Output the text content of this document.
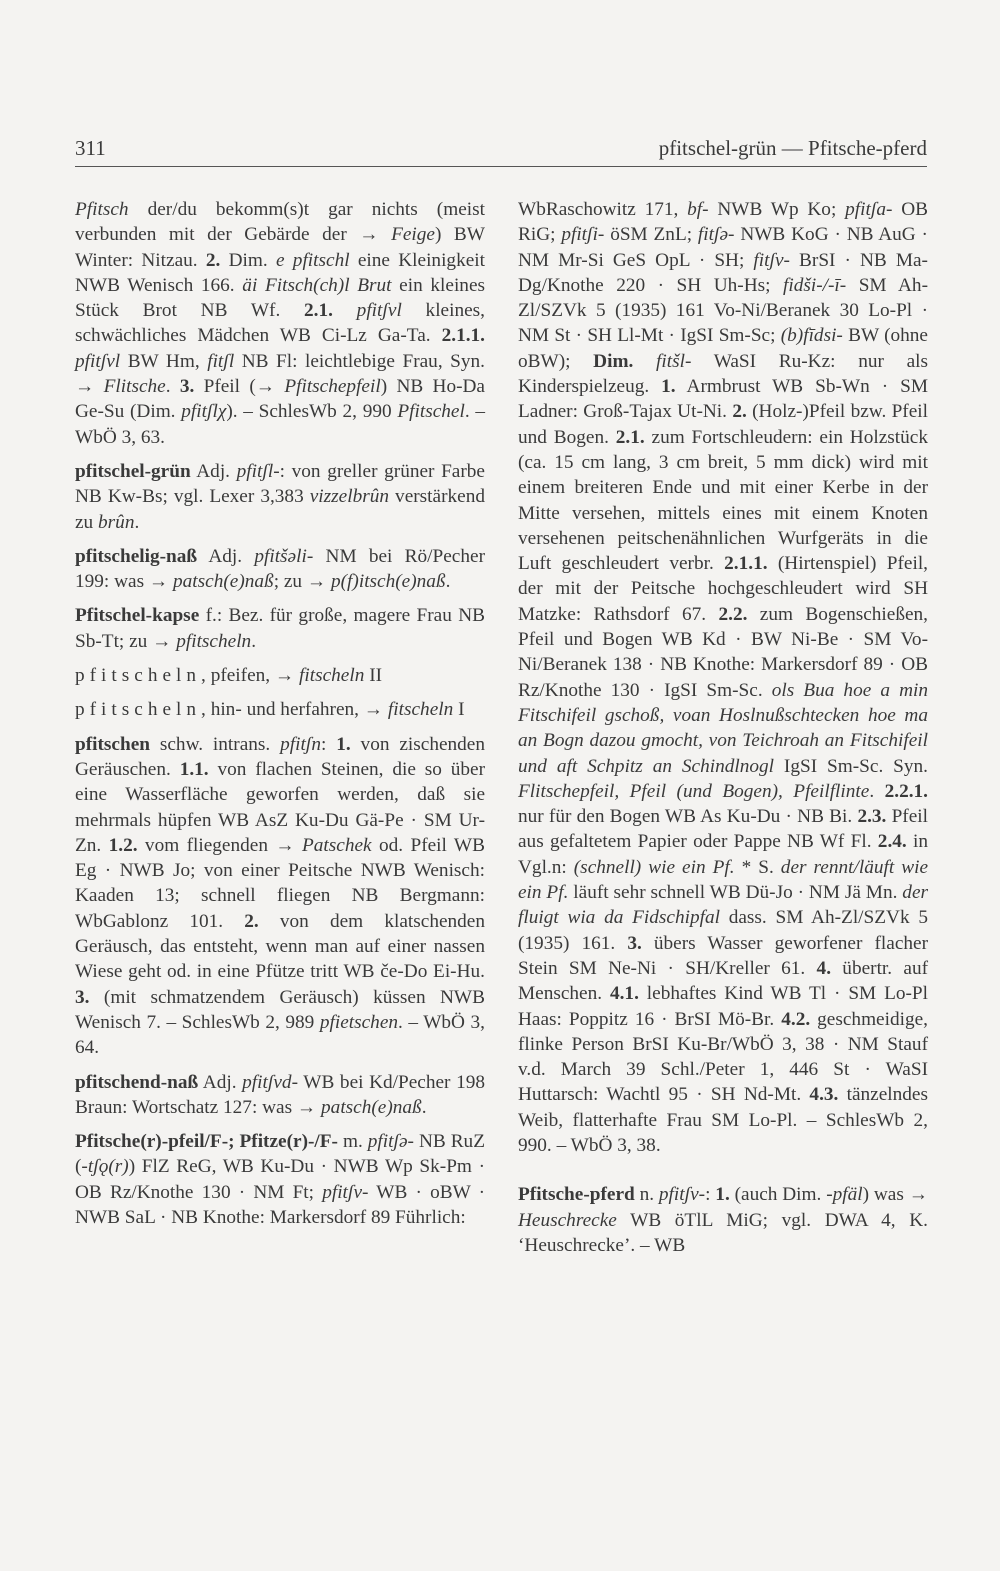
311	pfitschel-grün — Pfitsche-pferd

Pfitsch der/du bekomm(s)t gar nichts (meist verbunden mit der Gebärde der → Feige) BW Winter: Nitzau. 2. Dim. e pfitschl eine Kleinigkeit NWB Wenisch 166. äi Fitsch(ch)l Brut ein kleines Stück Brot NB Wf. 2.1. pfitʃvl kleines, schwächliches Mädchen WB Ci-Lz Ga-Ta. 2.1.1. pfitʃvl BW Hm, fitʃl NB Fl: leichtlebige Frau, Syn. → Flitsche. 3. Pfeil (→ Pfitschepfeil) NB Ho-Da Ge-Su (Dim. pfitʃlχ). – SchlesWb 2, 990 Pfitschel. – WbÖ 3, 63.

pfitschel-grün Adj. pfitʃl-: von greller grüner Farbe NB Kw-Bs; vgl. Lexer 3,383 vizzelbrûn verstärkend zu brûn.

pfitschelig-naß Adj. pfitšəli- NM bei Rö/Pecher 199: was → patsch(e)naß; zu → p(f)itsch(e)naß.

Pfitschel-kapse f.: Bez. für große, magere Frau NB Sb-Tt; zu → pfitscheln.

pfitscheln, pfeifen, → fitscheln II

pfitscheln, hin- und herfahren, → fitscheln I

pfitschen schw. intrans. pfitʃn: 1. von zischenden Geräuschen. 1.1. von flachen Steinen, die so über eine Wasserfläche geworfen werden, daß sie mehrmals hüpfen WB AsZ Ku-Du Gä-Pe · SM Ur-Zn. 1.2. vom fliegenden → Patschek od. Pfeil WB Eg · NWB Jo; von einer Peitsche NWB Wenisch: Kaaden 13; schnell fliegen NB Bergmann: WbGablonz 101. 2. von dem klatschenden Geräusch, das entsteht, wenn man auf einer nassen Wiese geht od. in eine Pfütze tritt WB če-Do Ei-Hu. 3. (mit schmatzendem Geräusch) küssen NWB Wenisch 7. – SchlesWb 2, 989 pfietschen. – WbÖ 3, 64.

pfitschend-naß Adj. pfitʃvd- WB bei Kd/Pecher 198 Braun: Wortschatz 127: was → patsch(e)naß.

Pfitsche(r)-pfeil/F-; Pfitze(r)-/F- m. pfitʃə- NB RuZ (-tʃǫ(r)) FlZ ReG, WB Ku-Du · NWB Wp Sk-Pm · OB Rz/Knothe 130 · NM Ft; pfitʃv- WB · oBW · NWB SaL · NB Knothe: Markersdorf 89 Führlich:

WbRaschowitz 171, bf- NWB Wp Ko; pfitʃa- OB RiG; pfitʃi- öSM ZnL; fitʃə- NWB KoG · NB AuG · NM Mr-Si GeS OpL · SH; fitʃv- BrSI · NB Ma-Dg/Knothe 220 · SH Uh-Hs; fidši-/-ī- SM Ah-Zl/SZVk 5 (1935) 161 Vo-Ni/Beranek 30 Lo-Pl · NM St · SH Ll-Mt · IgSI Sm-Sc; (b)fīdsi- BW (ohne oBW); Dim. fitšl- WaSI Ru-Kz: nur als Kinderspielzeug. 1. Armbrust WB Sb-Wn · SM Ladner: Groß-Tajax Ut-Ni. 2. (Holz-)Pfeil bzw. Pfeil und Bogen. 2.1. zum Fortschleudern: ein Holzstück (ca. 15 cm lang, 3 cm breit, 5 mm dick) wird mit einem breiteren Ende und mit einer Kerbe in der Mitte versehen, mittels eines mit einem Knoten versehenen peitschenähnlichen Wurfgeräts in die Luft geschleudert verbr. 2.1.1. (Hirtenspiel) Pfeil, der mit der Peitsche hochgeschleudert wird SH Matzke: Rathsdorf 67. 2.2. zum Bogenschießen, Pfeil und Bogen WB Kd · BW Ni-Be · SM Vo-Ni/Beranek 138 · NB Knothe: Markersdorf 89 · OB Rz/Knothe 130 · IgSI Sm-Sc. ols Bua hoe a min Fitschifeil gschoß, voan Hoslnußschtecken hoe ma an Bogn dazou gmocht, von Teichroah an Fitschifeil und aft Schpitz an Schindlnogl IgSI Sm-Sc. Syn. Flitschepfeil, Pfeil (und Bogen), Pfeilflinte. 2.2.1. nur für den Bogen WB As Ku-Du · NB Bi. 2.3. Pfeil aus gefaltetem Papier oder Pappe NB Wf Fl. 2.4. in Vgl.n: (schnell) wie ein Pf. * S. der rennt/läuft wie ein Pf. läuft sehr schnell WB Dü-Jo · NM Jä Mn. der fluigt wia da Fidschipfal dass. SM Ah-Zl/SZVk 5 (1935) 161. 3. übers Wasser geworfener flacher Stein SM Ne-Ni · SH/Kreller 61. 4. übertr. auf Menschen. 4.1. lebhaftes Kind WB Tl · SM Lo-Pl Haas: Poppitz 16 · BrSI Mö-Br. 4.2. geschmeidige, flinke Person BrSI Ku-Br/WbÖ 3, 38 · NM Stauf v.d. March 39 Schl./Peter 1, 446 St · WaSI Huttarsch: Wachtl 95 · SH Nd-Mt. 4.3. tänzelndes Weib, flatterhafte Frau SM Lo-Pl. – SchlesWb 2, 990. – WbÖ 3, 38.

Pfitsche-pferd n. pfitʃv-: 1. (auch Dim. -pfäl) was → Heuschrecke WB öTlL MiG; vgl. DWA 4, K. ‘Heuschrecke’. – WB
